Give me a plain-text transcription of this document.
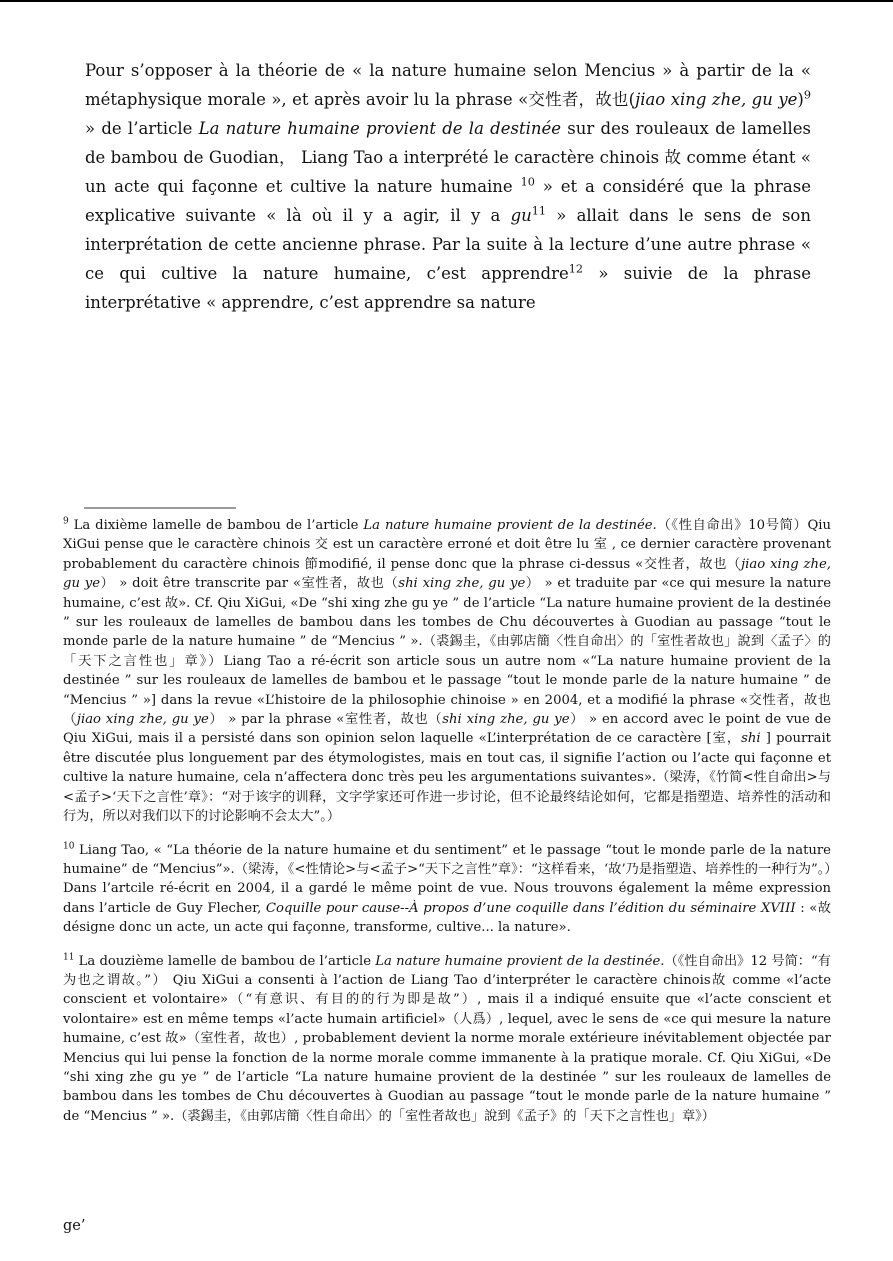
Pour s’opposer à la théorie de « la nature humaine selon Mencius » à partir de la « métaphysique morale », et après avoir lu la phrase «交性者，故也(jiao xing zhe, gu ye)$^9$ » de l’article La nature humaine provient de la destinée sur des rouleaux de lamelles de bambou de Guodian， Liang Tao a interprété le caractère chinois 故 comme étant « un acte qui façonne et cultive la nature humaine $^{10}$ » et a considéré que la phrase explicative suivante « là où il y a agir, il y a $gu^{11}$ » allait dans le sens de son interprétation de cette ancienne phrase. Par la suite à la lecture d’une autre phrase « ce qui cultive la nature humaine, c’est apprendre$^{12}$ » suivie de la phrase interprétative « apprendre, c’est apprendre sa nature
$^9$ La dixième lamelle de bambou de l’article La nature humaine provient de la destinée.（《性自命出》10号简）Qiu XiGui pense que le caractère chinois 交 est un caractère erroné et doit être lu 室 , ce dernier caractère provenant probablement du caractère chinois 節modifié, il pense donc que la phrase ci-dessus «交性者，故也（jiao xing zhe, gu ye） » doit être transcrite par «室性者，故也（shi xing zhe, gu ye） » et traduite par «ce qui mesure la nature humaine, c’est 故». Cf. Qiu XiGui, «De “shi xing zhe gu ye ” de l’article “La nature humaine provient de la destinée ” sur les rouleaux de lamelles de bambou dans les tombes de Chu découvertes à Guodian au passage “tout le monde parle de la nature humaine ” de “Mencius ” ».（裘錫圭，《由郭店簡〈性自命出〉的「室性者故也」說到〈孟子〉的「天下之言性也」章》）Liang Tao a ré-écrit son article sous un autre nom «“La nature humaine provient de la destinée ” sur les rouleaux de lamelles de bambou et le passage “tout le monde parle de la nature humaine ” de “Mencius ” »] dans la revue «L’histoire de la philosophie chinoise » en 2004, et a modifié la phrase «交性者，故也（jiao xing zhe, gu ye） » par la phrase «室性者，故也（shi xing zhe, gu ye） » en accord avec le point de vue de Qiu XiGui, mais il a persisté dans son opinion selon laquelle «L’interprétation de ce caractère [室，shi ] pourrait être discutée plus longuement par des étymologistes, mais en tout cas, il signifie l’action ou l’acte qui façonne et cultive la nature humaine, cela n’affectera donc très peu les argumentations suivantes».（梁涛，《竹简<性自命出>与<孟子>‘天下之言性’章》：“对于该字的训释，文字学家还可作进一步讨论，但不论最终结论如何，它都是指塑造、培养性的活动和行为，所以对我们以下的讨论影响不会太大”。）
$^{10}$ Liang Tao, « “La théorie de la nature humaine et du sentiment” et le passage “tout le monde parle de la nature humaine” de “Mencius”».（梁涛，《<性情论>与<孟子>“天下之言性”章》：“这样看来，‘故’乃是指塑造、培养性的一种行为”。）Dans l’artcile ré-écrit en 2004, il a gardé le même point de vue. Nous trouvons également la même expression dans l’article de Guy Flecher, Coquille pour cause--À propos d’une coquille dans l’édition du séminaire XVIII : «故 désigne donc un acte, un acte qui façonne, transforme, cultive... la nature».
$^{11}$ La douzième lamelle de bambou de l’article La nature humaine provient de la destinée.（《性自命出》12 号简：“有为也之谓故。”） Qiu XiGui a consenti à l’action de Liang Tao d’interpréter le caractère chinois故 comme «l’acte conscient et volontaire»（“有意识、有目的的行为即是故”）, mais il a indiqué ensuite que «l’acte conscient et volontaire» est en même temps «l’acte humain artificiel»（人爲）, lequel, avec le sens de «ce qui mesure la nature humaine, c’est 故»（室性者，故也）, probablement devient la norme morale extérieure inévitablement objectée par Mencius qui lui pense la fonction de la norme morale comme immanente à la pratique morale. Cf. Qiu XiGui, «De “shi xing zhe gu ye ” de l’article “La nature humaine provient de la destinée ” sur les rouleaux de lamelles de bambou dans les tombes de Chu découvertes à Guodian au passage “tout le monde parle de la nature humaine ” de “Mencius ” ».（裘錫圭，《由郭店簡〈性自命出〉的「室性者故也」說到《孟子》的「天下之言性也」章》）
ge’
